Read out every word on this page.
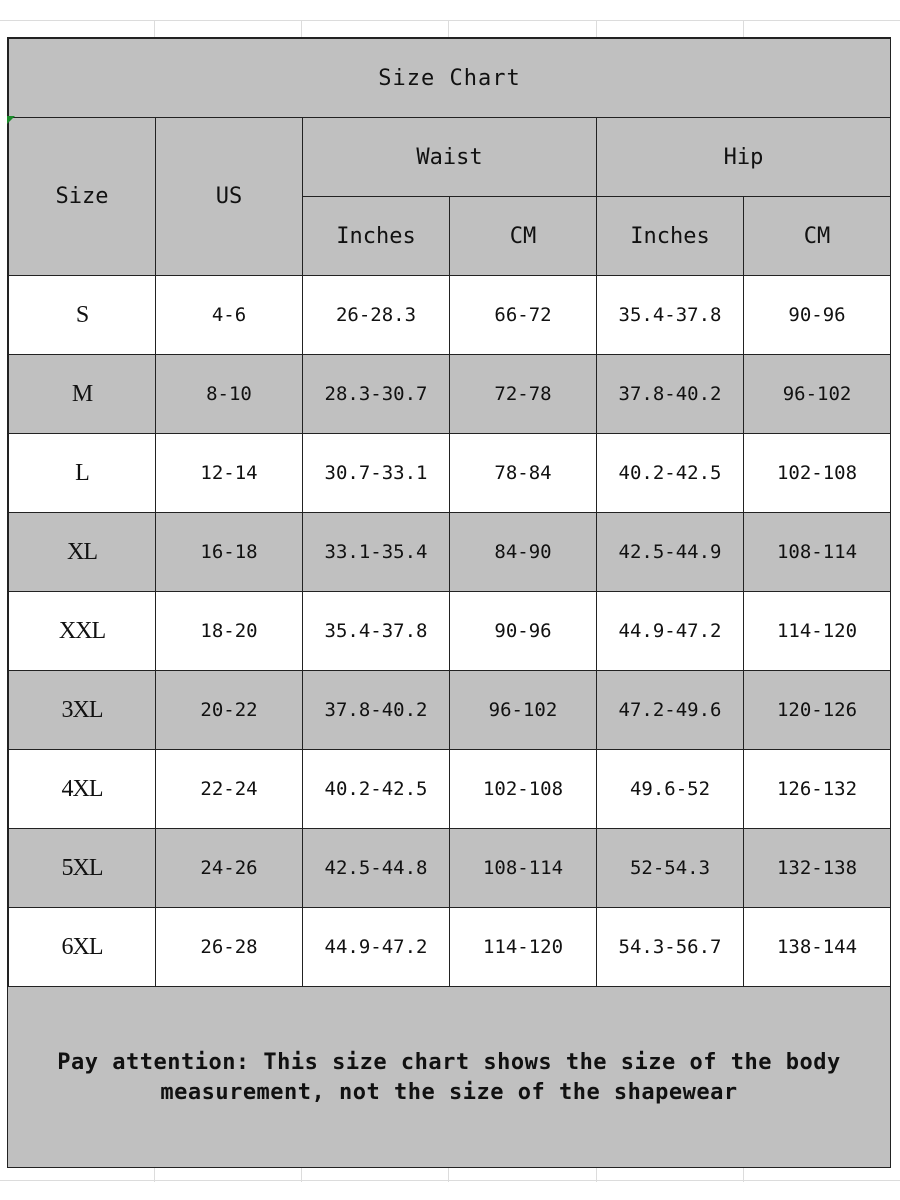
Size Chart					
Size	US	Waist		Hip	
		Inches	CM	Inches	CM
S	4-6	26-28.3	66-72	35.4-37.8	90-96
M	8-10	28.3-30.7	72-78	37.8-40.2	96-102
L	12-14	30.7-33.1	78-84	40.2-42.5	102-108
XL	16-18	33.1-35.4	84-90	42.5-44.9	108-114
XXL	18-20	35.4-37.8	90-96	44.9-47.2	114-120
3XL	20-22	37.8-40.2	96-102	47.2-49.6	120-126
4XL	22-24	40.2-42.5	102-108	49.6-52	126-132
5XL	24-26	42.5-44.8	108-114	52-54.3	132-138
6XL	26-28	44.9-47.2	114-120	54.3-56.7	138-144

Pay attention: This size chart shows the size of the body

measurement, not the size of the shapewear
